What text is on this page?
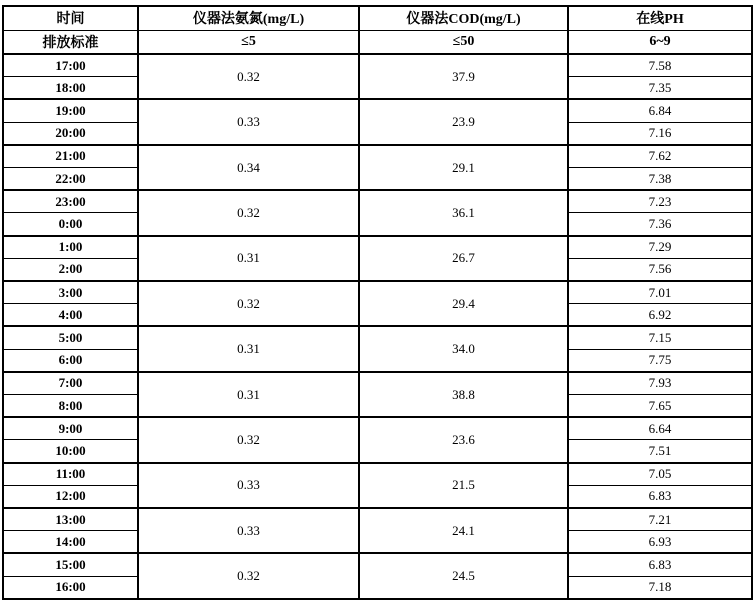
时间	仪器法氨氮(mg/L)	仪器法COD(mg/L)	在线PH
排放标准	≤5	≤50	6~9
17:00	0.32	37.9	7.58
18:00			7.35
19:00	0.33	23.9	6.84
20:00			7.16
21:00	0.34	29.1	7.62
22:00			7.38
23:00	0.32	36.1	7.23
0:00			7.36
1:00	0.31	26.7	7.29
2:00			7.56
3:00	0.32	29.4	7.01
4:00			6.92
5:00	0.31	34.0	7.15
6:00			7.75
7:00	0.31	38.8	7.93
8:00			7.65
9:00	0.32	23.6	6.64
10:00			7.51
11:00	0.33	21.5	7.05
12:00			6.83
13:00	0.33	24.1	7.21
14:00			6.93
15:00	0.32	24.5	6.83
16:00			7.18
